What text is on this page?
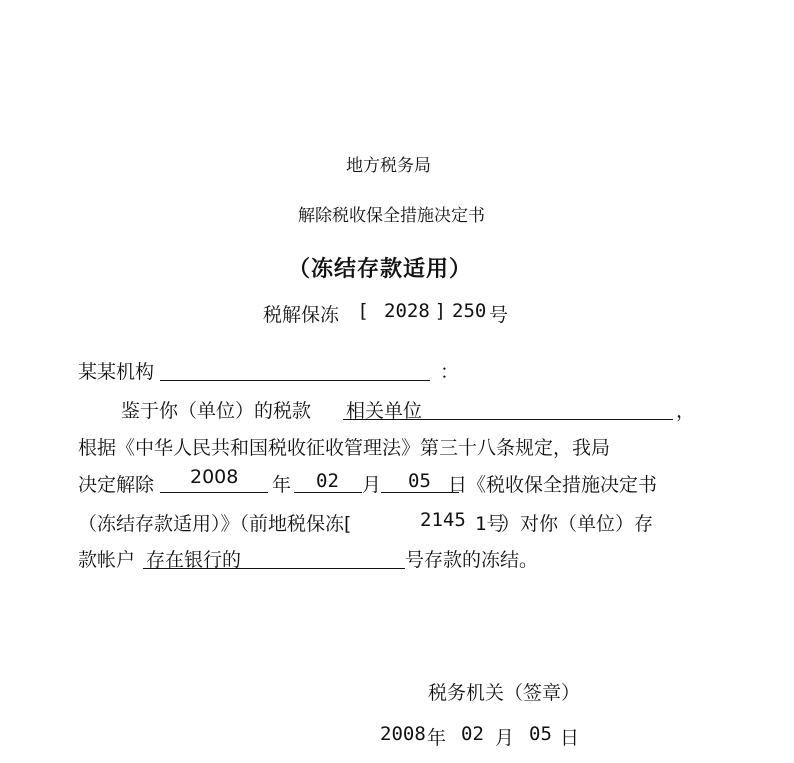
地方税务局
解除税收保全措施决定书
（冻结存款适用）
税解保冻 [ 2028 ] 250 号
某某机构	：
鉴于你（单位）的税款 相关单位	，
根据《中华人民共和国税收征收管理法》第三十八条规定，我局
决定解除 2008 年 02 月 05 日《税收保全措施决定书
（冻结存款适用）》（前地税保冻[	2145 1号
）对你（单位）存
款帐户 存在银行的	号存款的冻结。
税务机关（签章）
2008 年 02 月 05 日
